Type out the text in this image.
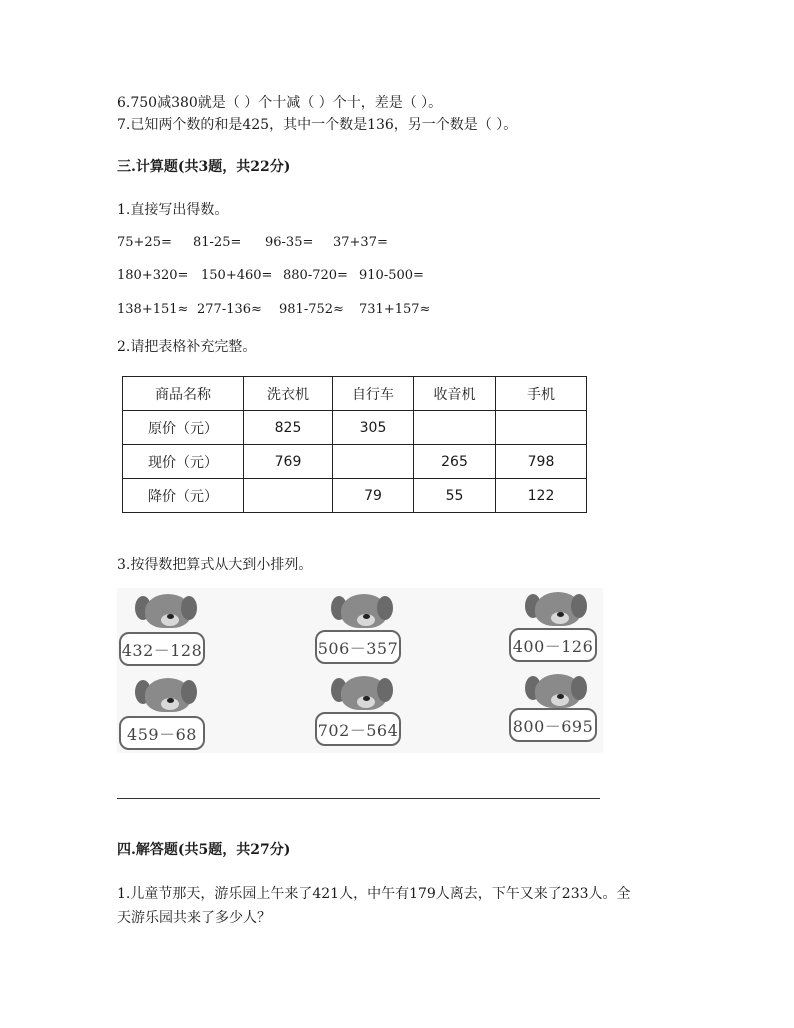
6.750减380就是（ ）个十减（ ）个十，差是（ ）。
7.已知两个数的和是425，其中一个数是136，另一个数是（ ）。
三.计算题(共3题，共22分)
1.直接写出得数。
75+25= 81-25= 96-35= 37+37=
180+320= 150+460= 880-720= 910-500=
138+151≈ 277-136≈ 981-752≈ 731+157≈
2.请把表格补充完整。
商品名称	洗衣机	自行车	收音机	手机
原价（元）	825	305		
现价（元）	769		265	798
降价（元）		79	55	122
3.按得数把算式从大到小排列。
432－128	506－357	400－126
459－68	702－564	800－695
四.解答题(共5题，共27分)
1.儿童节那天，游乐园上午来了421人，中午有179人离去，下午又来了233人。全
天游乐园共来了多少人？
